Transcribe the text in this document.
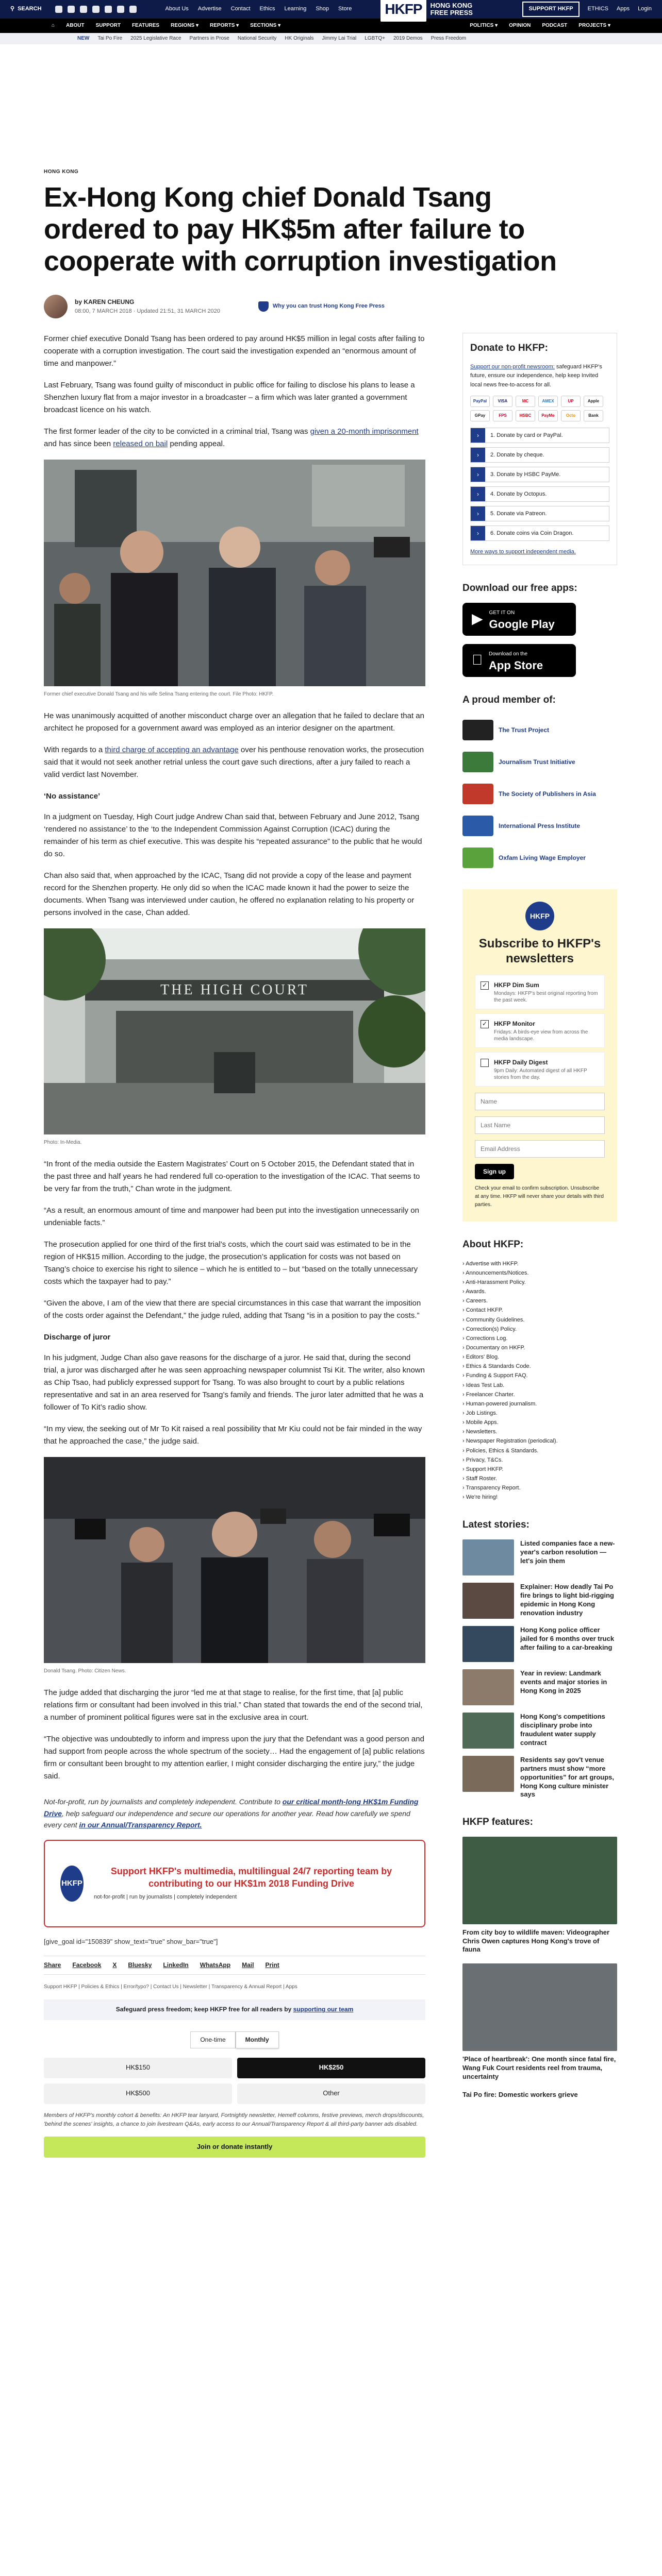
⚲ SEARCH	About Us Advertise Contact Ethics Learning Shop Store HKFP	HONG KONG
FREE PRESS	SUPPORT HKFP	ETHICS Apps Login
⌂ ABOUT SUPPORT FEATURES REGIONS ▾ REPORTS ▾ SECTIONS ▾	POLITICS ▾ OPINION PODCAST PROJECTS ▾
NEW Tai Po Fire 2025 Legislative Race Partners in Prose National Security HK Originals Jimmy Lai Trial LGBTQ+ 2019 Demos Press Freedom
HONG KONG
Ex-Hong Kong chief Donald Tsang ordered to pay HK$5m after failure to cooperate with corruption investigation
by KAREN CHEUNG
08:00, 7 MARCH 2018 · Updated 21:51, 31 MARCH 2020
Why you can trust Hong Kong Free Press

Former chief executive Donald Tsang has been ordered to pay around HK$5 million in legal costs after failing to cooperate with a corruption investigation. The court said the investigation expended an “enormous amount of time and manpower.”

Last February, Tsang was found guilty of misconduct in public office for failing to disclose his plans to lease a Shenzhen luxury flat from a major investor in a broadcaster – a firm which was later granted a government broadcast licence on his watch.

The first former leader of the city to be convicted in a criminal trial, Tsang was given a 20-month imprisonment and has since been released on bail pending appeal.

Former chief executive Donald Tsang and his wife Selina Tsang entering the court. File Photo: HKFP.

He was unanimously acquitted of another misconduct charge over an allegation that he failed to declare that an architect he proposed for a government award was employed as an interior designer on the apartment.

With regards to a third charge of accepting an advantage over his penthouse renovation works, the prosecution said that it would not seek another retrial unless the court gave such directions, after a jury failed to reach a valid verdict last November.

‘No assistance’

In a judgment on Tuesday, High Court judge Andrew Chan said that, between February and June 2012, Tsang ‘rendered no assistance’ to the ‘to the Independent Commission Against Corruption (ICAC) during the remainder of his term as chief executive. This was despite his “repeated assurance” to the public that he would do so.

Chan also said that, when approached by the ICAC, Tsang did not provide a copy of the lease and payment record for the Shenzhen property. He only did so when the ICAC made known it had the power to seize the documents. When Tsang was interviewed under caution, he offered no explanation relating to his property or persons involved in the case, Chan added.

THE HIGH COURT
Photo: In-Media.

“In front of the media outside the Eastern Magistrates’ Court on 5 October 2015, the Defendant stated that in the past three and half years he had rendered full co-operation to the investigation of the ICAC. That seems to be very far from the truth,” Chan wrote in the judgment.

“As a result, an enormous amount of time and manpower had been put into the investigation unnecessarily on undeniable facts.”

The prosecution applied for one third of the first trial’s costs, which the court said was estimated to be in the region of HK$15 million. According to the judge, the prosecution’s application for costs was not based on Tsang’s choice to exercise his right to silence – which he is entitled to – but “based on the totally unnecessary costs which the taxpayer had to pay.”

“Given the above, I am of the view that there are special circumstances in this case that warrant the imposition of the costs order against the Defendant,” the judge ruled, adding that Tsang “is in a position to pay the costs.”

Discharge of juror

In his judgment, Judge Chan also gave reasons for the discharge of a juror. He said that, during the second trial, a juror was discharged after he was seen approaching newspaper columnist Tsi Kit. The writer, also known as Chip Tsao, had publicly expressed support for Tsang. To was also brought to court by a public relations representative and sat in an area reserved for Tsang’s family and friends. The juror later admitted that he was a follower of To Kit’s radio show.

“In my view, the seeking out of Mr To Kit raised a real possibility that Mr Kiu could not be fair minded in the way that he approached the case,” the judge said.

Donald Tsang. Photo: Citizen News.

The judge added that discharging the juror “led me at that stage to realise, for the first time, that [a] public relations firm or consultant had been involved in this trial.” Chan stated that towards the end of the second trial, a number of prominent political figures were sat in the exclusive area in court.

“The objective was undoubtedly to inform and impress upon the jury that the Defendant was a good person and had support from people across the whole spectrum of the society… Had the engagement of [a] public relations firm or consultant been brought to my attention earlier, I might consider discharging the entire jury,” the judge said.

Not-for-profit, run by journalists and completely independent. Contribute to our critical month-long HK$1m Funding Drive, help safeguard our independence and secure our operations for another year. Read how carefully we spend every cent in our Annual/Transparency Report.

HKFP
Support HKFP's multimedia, multilingual 24/7 reporting team by contributing to our HK$1m 2018 Funding Drive
not-for-profit | run by journalists | completely independent
[give_goal id="150839" show_text="true" show_bar="true"]
Share Facebook X Bluesky LinkedIn WhatsApp Mail Print
Support HKFP | Policies & Ethics | Error/typo? | Contact Us | Newsletter | Transparency & Annual Report | Apps
Safeguard press freedom; keep HKFP free for all readers by supporting our team
One-time	Monthly
HK$150	HK$250
HK$500	Other
Members of HKFP's monthly cohort & benefits: An HKFP tear lanyard, Fortnightly newsletter, Hemeff columns, festive previews, merch drops/discounts, 'behind the scenes' insights, a chance to join livestream Q&As, early access to our Annual/Transparency Report & all third-party banner ads disabled.
Join or donate instantly
Donate to HKFP:
Support our non-profit newsroom: safeguard HKFP's future, ensure our independence, help keep Invited local news free-to-access for all.
PayPal	VISA	MC	AMEX	UP	Apple
GPay	FPS	HSBC	PayMe	Octo	Bank
›	1. Donate by card or PayPal.
›	2. Donate by cheque.
›	3. Donate by HSBC PayMe.
›	4. Donate by Octopus.
›	5. Donate via Patreon.
›	6. Donate coins via Coin Dragon.
More ways to support independent media.
Download our free apps:
▶ GET IT ON
Google Play
Download on the
App Store
A proud member of:
The Trust Project
Journalism Trust Initiative
The Society of Publishers in Asia
International Press Institute
Oxfam Living Wage Employer
HKFP
Subscribe to HKFP's newsletters
✓ HKFP Dim Sum
Mondays: HKFP's best original reporting from the past week.
✓ HKFP Monitor
Fridays: A birds-eye view from across the media landscape.
HKFP Daily Digest
9pm Daily: Automated digest of all HKFP stories from the day.
Name
Last Name
Email Address Sign up
Check your email to confirm subscription. Unsubscribe at any time. HKFP will never share your details with third parties.
About HKFP:
› Advertise with HKFP.
› Announcements/Notices.
› Anti-Harassment Policy.
› Awards.
› Careers.
› Contact HKFP.
› Community Guidelines.
› Correction(s) Policy.
› Corrections Log.
› Documentary on HKFP.
› Editors' Blog.
› Ethics & Standards Code.
› Funding & Support FAQ.
› Ideas Test Lab.
› Freelancer Charter.
› Human-powered journalism.
› Job Listings.
› Mobile Apps.
› Newsletters.
› Newspaper Registration (periodical).
› Policies, Ethics & Standards.
› Privacy, T&Cs.
› Support HKFP.
› Staff Roster.
› Transparency Report.
› We're hiring!
Latest stories:
Listed companies face a new-year's carbon resolution — let's join them
Explainer: How deadly Tai Po fire brings to light bid-rigging epidemic in Hong Kong renovation industry
Hong Kong police officer jailed for 6 months over truck after failing to a car-breaking
Year in review: Landmark events and major stories in Hong Kong in 2025
Hong Kong's competitions disciplinary probe into fraudulent water supply contract
Residents say gov't venue partners must show “more opportunities” for art groups, Hong Kong culture minister says
HKFP features:
From city boy to wildlife maven: Videographer Chris Owen captures Hong Kong's trove of fauna
'Place of heartbreak': One month since fatal fire, Wang Fuk Court residents reel from trauma, uncertainty
Tai Po fire: Domestic workers grieve
